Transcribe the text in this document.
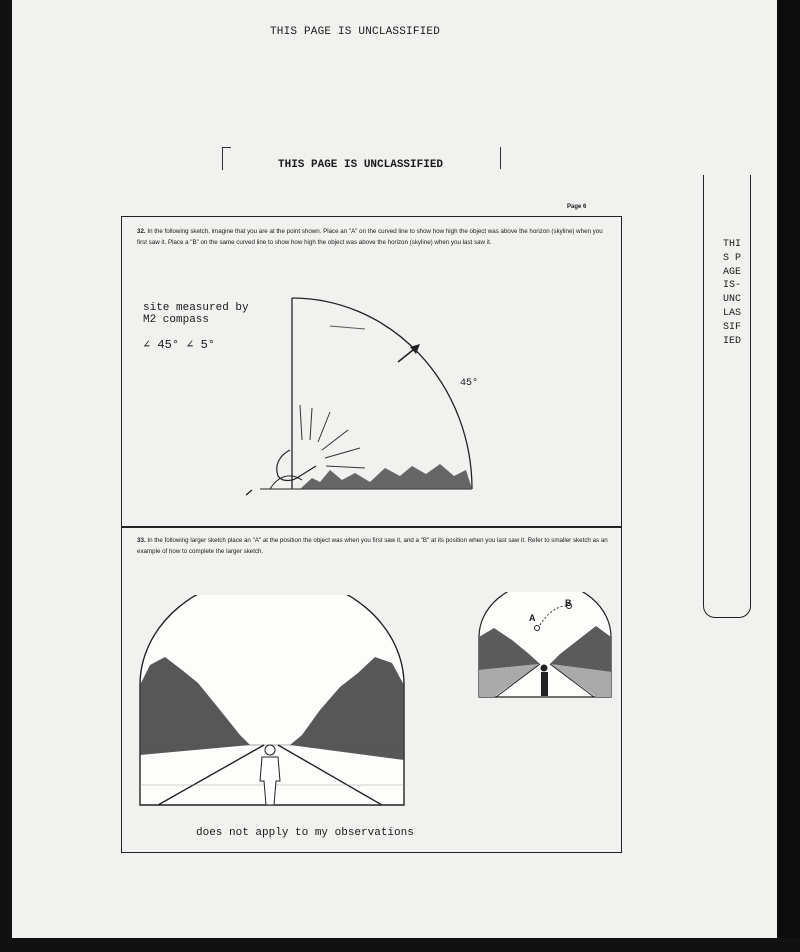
THIS PAGE IS UNCLASSIFIED
THIS PAGE IS UNCLASSIFIED
Page 6
THIS PAGE IS-UNCLASSIFIED
32. In the following sketch, imagine that you are at the point shown. Place an "A" on the curved line to show how high the object was above the horizon (skyline) when you first saw it. Place a "B" on the same curved line to show how high the object was above the horizon (skyline) when you last saw it.
site measured by
M2 compass
∠ 45° ∠ 5°
45°
33. In the following larger sketch place an "A" at the position the object was when you first saw it, and a "B" at its position when you last saw it. Refer to smaller sketch as an example of how to complete the larger sketch.
A
B
does not apply to my observations
